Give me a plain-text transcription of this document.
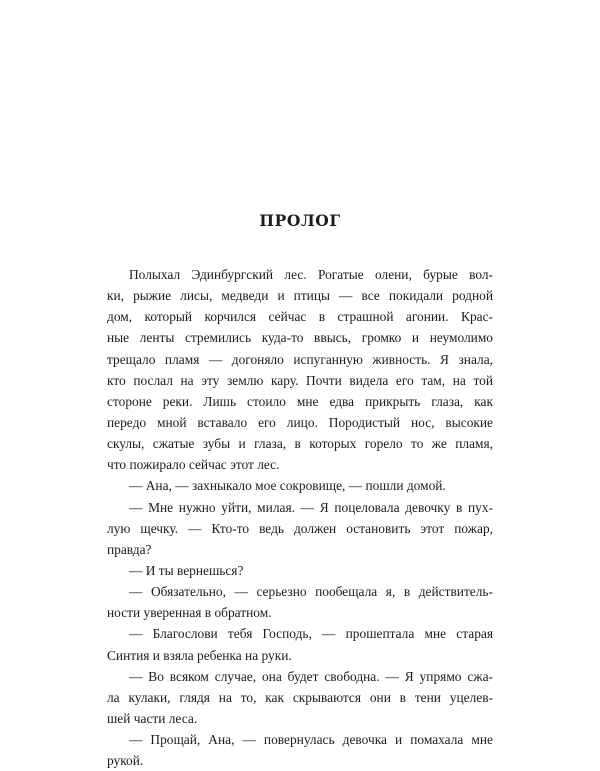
ПРОЛОГ
Полыхал Эдинбургский лес. Рогатые олени, бурые вол-
ки, рыжие лисы, медведи и птицы — все покидали родной
дом, который корчился сейчас в страшной агонии. Крас-
ные ленты стремились куда-то ввысь, громко и неумолимо
трещало пламя — догоняло испуганную живность. Я знала,
кто послал на эту землю кару. Почти видела его там, на той
стороне реки. Лишь стоило мне едва прикрыть глаза, как
передо мной вставало его лицо. Породистый нос, высокие
скулы, сжатые зубы и глаза, в которых горело то же пламя,
что пожирало сейчас этот лес.
— Ана, — захныкало мое сокровище, — пошли домой.
— Мне нужно уйти, милая. — Я поцеловала девочку в пух-
лую щечку. — Кто-то ведь должен остановить этот пожар,
правда?
— И ты вернешься?
— Обязательно, — серьезно пообещала я, в действитель-
ности уверенная в обратном.
— Благослови тебя Господь, — прошептала мне старая
Синтия и взяла ребенка на руки.
— Во всяком случае, она будет свободна. — Я упрямо сжа-
ла кулаки, глядя на то, как скрываются они в тени уцелев-
шей части леса.
— Прощай, Ана, — повернулась девочка и помахала мне
рукой.
